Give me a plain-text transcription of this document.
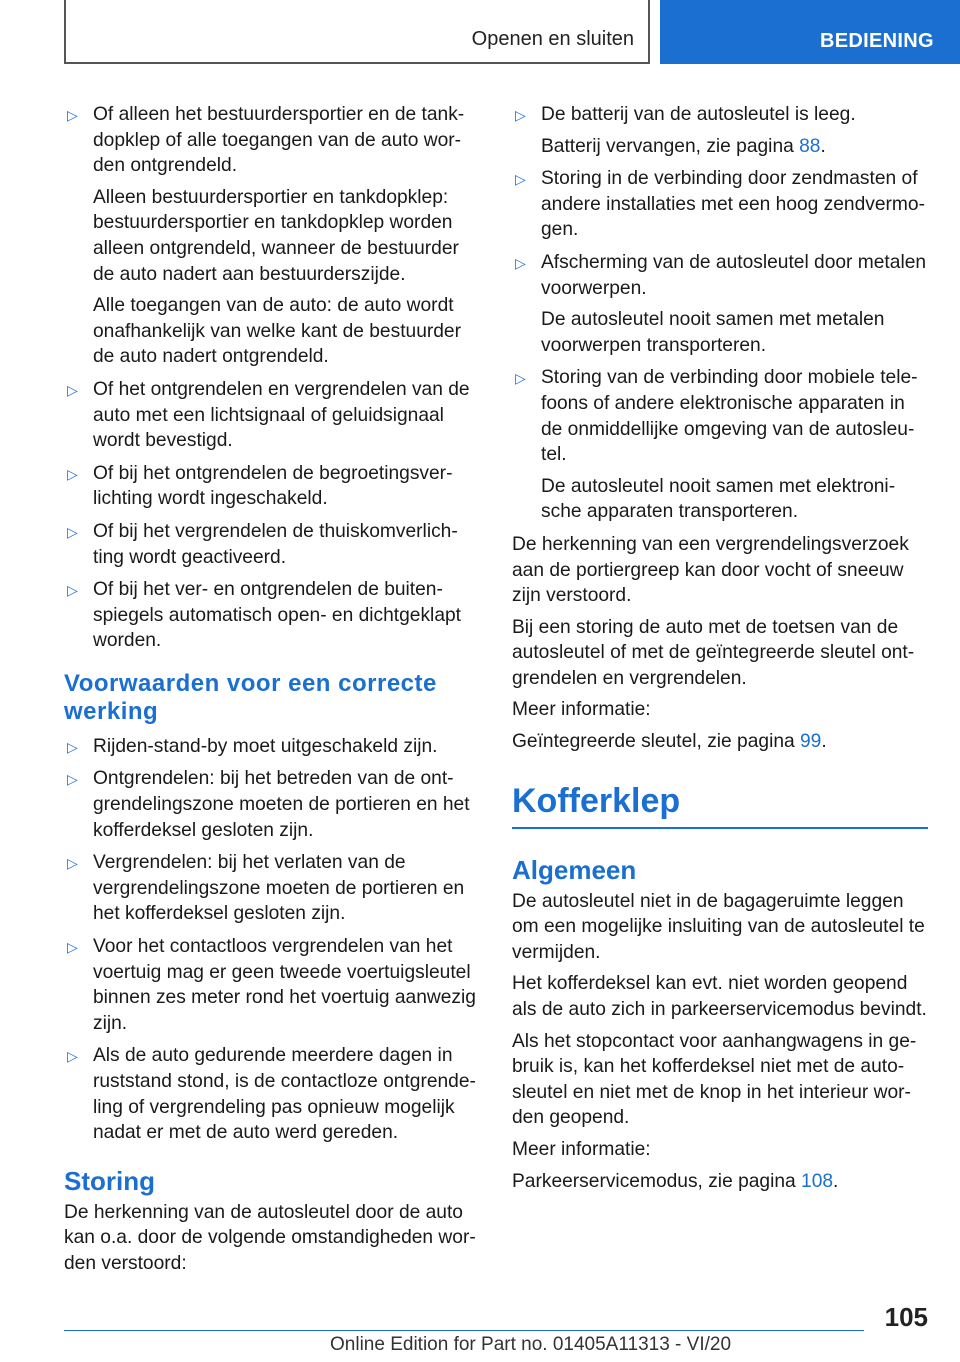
Openen en sluiten	BEDIENING
▷ Of alleen het bestuurdersportier en de tankdopklep of alle toegangen van de auto worden ontgrendeld.

Alleen bestuurdersportier en tankdopklep: bestuurdersportier en tankdopklep worden alleen ontgrendeld, wanneer de bestuurder de auto nadert aan bestuurderszijde.

Alle toegangen van de auto: de auto wordt onafhankelijk van welke kant de bestuurder de auto nadert ontgrendeld.

▷ Of het ontgrendelen en vergrendelen van de auto met een lichtsignaal of geluidsignaal wordt bevestigd.

▷ Of bij het ontgrendelen de begroetingsverlichting wordt ingeschakeld.

▷ Of bij het vergrendelen de thuiskomverlichting wordt geactiveerd.

▷ Of bij het ver- en ontgrendelen de buitenspiegels automatisch open- en dichtgeklapt worden.

Voorwaarden voor een correcte werking
▷ Rijden-stand-by moet uitgeschakeld zijn.

▷ Ontgrendelen: bij het betreden van de ontgrendelingszone moeten de portieren en het kofferdeksel gesloten zijn.

▷ Vergrendelen: bij het verlaten van de vergrendelingszone moeten de portieren en het kofferdeksel gesloten zijn.

▷ Voor het contactloos vergrendelen van het voertuig mag er geen tweede voertuigsleutel binnen zes meter rond het voertuig aanwezig zijn.

▷ Als de auto gedurende meerdere dagen in ruststand stond, is de contactloze ontgrendeling of vergrendeling pas opnieuw mogelijk nadat er met de auto werd gereden.

Storing

De herkenning van de autosleutel door de auto kan o.a. door de volgende omstandigheden worden verstoord:

▷ De batterij van de autosleutel is leeg.

Batterij vervangen, zie pagina 88.

▷ Storing in de verbinding door zendmasten of andere installaties met een hoog zendvermogen.

▷ Afscherming van de autosleutel door metalen voorwerpen.

De autosleutel nooit samen met metalen voorwerpen transporteren.

▷ Storing van de verbinding door mobiele telefoons of andere elektronische apparaten in de onmiddellijke omgeving van de autosleutel.

De autosleutel nooit samen met elektronische apparaten transporteren.

De herkenning van een vergrendelingsverzoek aan de portiergreep kan door vocht of sneeuw zijn verstoord.

Bij een storing de auto met de toetsen van de autosleutel of met de geïntegreerde sleutel ontgrendelen en vergrendelen.

Meer informatie:

Geïntegreerde sleutel, zie pagina 99.

Kofferklep
Algemeen

De autosleutel niet in de bagageruimte leggen om een mogelijke insluiting van de autosleutel te vermijden.

Het kofferdeksel kan evt. niet worden geopend als de auto zich in parkeerservicemodus bevindt.

Als het stopcontact voor aanhangwagens in gebruik is, kan het kofferdeksel niet met de autosleutel en niet met de knop in het interieur worden geopend.

Meer informatie:

Parkeerservicemodus, zie pagina 108.

105
Online Edition for Part no. 01405A11313 - VI/20
